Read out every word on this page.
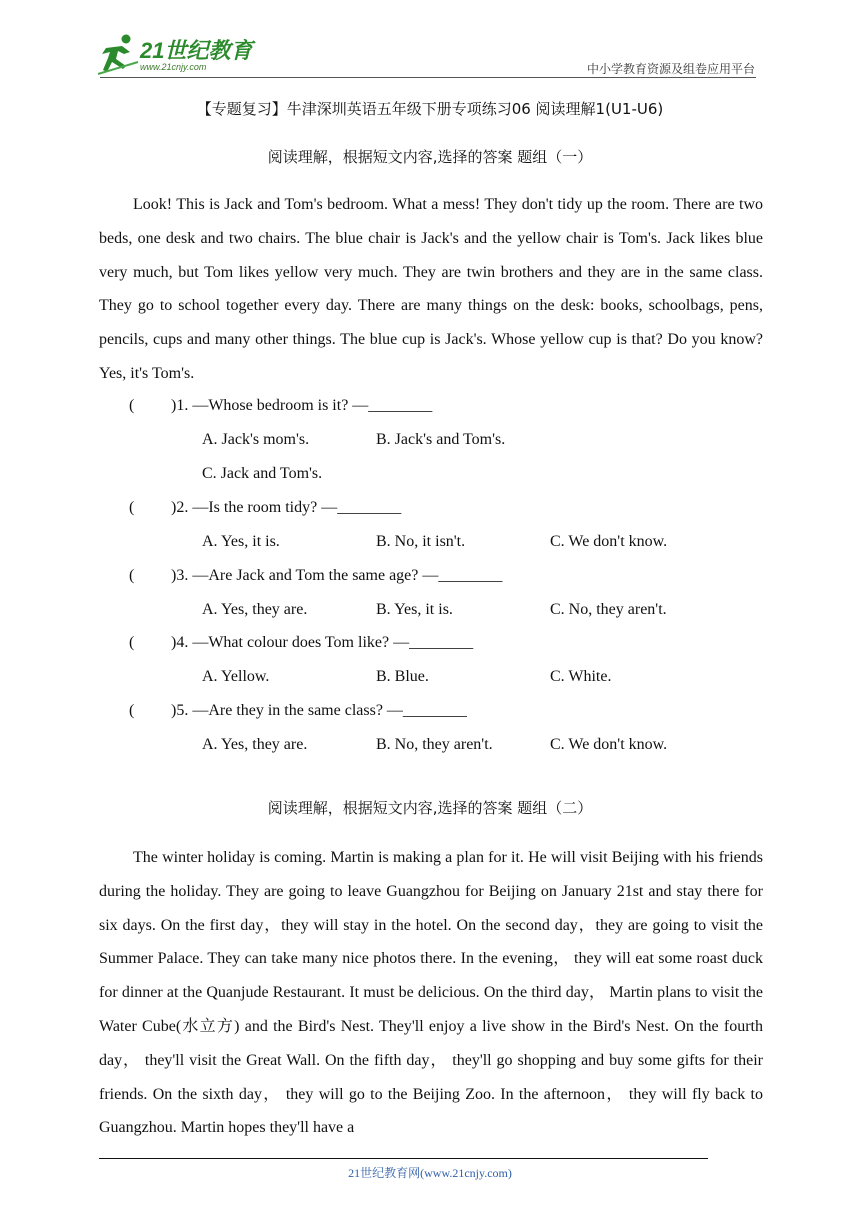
21世纪教育
www.21cnjy.com	中小学教育资源及组卷应用平台
【专题复习】牛津深圳英语五年级下册专项练习06 阅读理解1(U1-U6)
阅读理解，根据短文内容,选择的答案 题组（一）
Look! This is Jack and Tom's bedroom. What a mess! They don't tidy up the room. There are two beds, one desk and two chairs. The blue chair is Jack's and the yellow chair is Tom's. Jack likes blue very much, but Tom likes yellow very much. They are twin brothers and they are in the same class. They go to school together every day. There are many things on the desk: books, schoolbags, pens, pencils, cups and many other things. The blue cup is Jack's. Whose yellow cup is that? Do you know? Yes, it's Tom's.
( )1. —Whose bedroom is it? —________
A. Jack's mom's.	B. Jack's and Tom's.
C. Jack and Tom's.
( )2. —Is the room tidy? —________
A. Yes, it is.	B. No, it isn't.	C. We don't know.
( )3. —Are Jack and Tom the same age? —________
A. Yes, they are.	B. Yes, it is.	C. No, they aren't.
( )4. —What colour does Tom like? —________
A. Yellow.	B. Blue.	C. White.
( )5. —Are they in the same class? —________
A. Yes, they are.	B. No, they aren't.	C. We don't know.
阅读理解，根据短文内容,选择的答案 题组（二）
The winter holiday is coming. Martin is making a plan for it. He will visit Beijing with his friends during the holiday. They are going to leave Guangzhou for Beijing on January 21st and stay there for six days. On the first day，they will stay in the hotel. On the second day，they are going to visit the Summer Palace. They can take many nice photos there. In the evening， they will eat some roast duck for dinner at the Quanjude Restaurant. It must be delicious. On the third day， Martin plans to visit the Water Cube(水立方) and the Bird's Nest. They'll enjoy a live show in the Bird's Nest. On the fourth day， they'll visit the Great Wall. On the fifth day， they'll go shopping and buy some gifts for their friends. On the sixth day， they will go to the Beijing Zoo. In the afternoon， they will fly back to Guangzhou. Martin hopes they'll have a
21世纪教育网(www.21cnjy.com)
